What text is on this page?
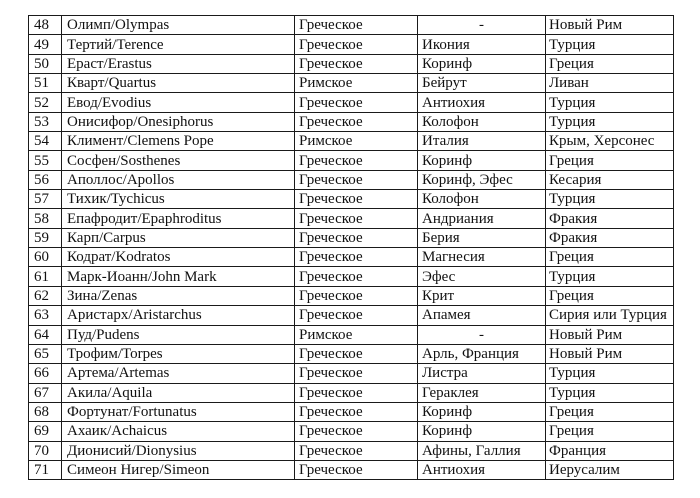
48	Олимп/Olympas	Греческое	-	Новый Рим
49	Тертий/Terence	Греческое	Икония	Турция
50	Ераст/Erastus	Греческое	Коринф	Греция
51	Кварт/Quartus	Римское	Бейрут	Ливан
52	Евод/Evodius	Греческое	Антиохия	Турция
53	Онисифор/Onesiphorus	Греческое	Колофон	Турция
54	Климент/Clemens Pope	Римское	Италия	Крым, Херсонес
55	Сосфен/Sosthenes	Греческое	Коринф	Греция
56	Аполлос/Apollos	Греческое	Коринф, Эфес	Кесария
57	Тихик/Tychicus	Греческое	Колофон	Турция
58	Епафродит/Epaphroditus	Греческое	Андриания	Фракия
59	Карп/Carpus	Греческое	Берия	Фракия
60	Кодрат/Kodratos	Греческое	Магнесия	Греция
61	Марк-Иоанн/John Mark	Греческое	Эфес	Турция
62	Зина/Zenas	Греческое	Крит	Греция
63	Аристарх/Aristarchus	Греческое	Апамея	Сирия или Турция
64	Пуд/Pudens	Римское	-	Новый Рим
65	Трофим/Torpes	Греческое	Арль, Франция	Новый Рим
66	Артема/Artemas	Греческое	Листра	Турция
67	Акила/Aquila	Греческое	Гераклея	Турция
68	Фортунат/Fortunatus	Греческое	Коринф	Греция
69	Ахаик/Achaicus	Греческое	Коринф	Греция
70	Дионисий/Dionysius	Греческое	Афины, Галлия	Франция
71	Симеон Нигер/Simeon	Греческое	Антиохия	Иерусалим
